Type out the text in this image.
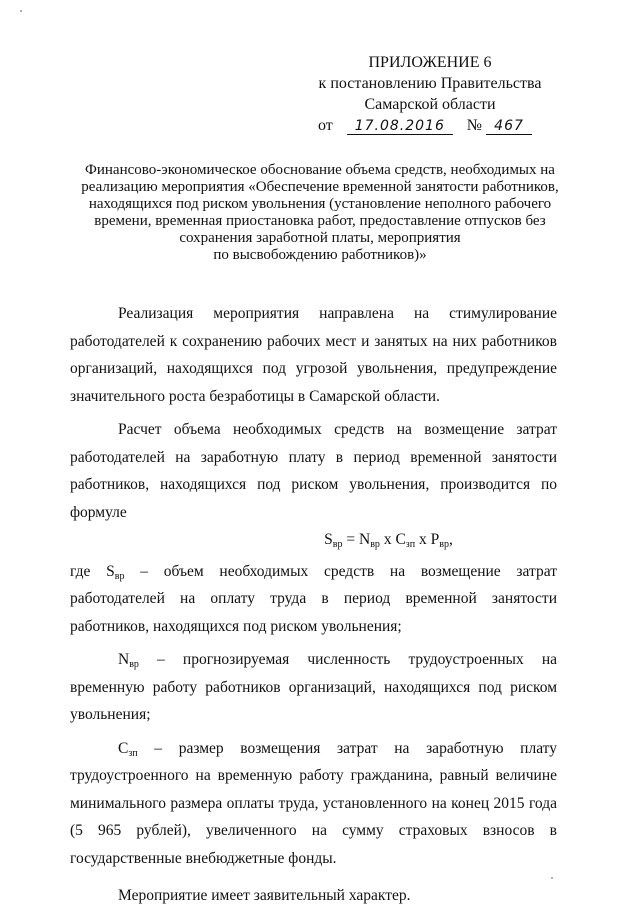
ПРИЛОЖЕНИЕ 6
к постановлению Правительства
Самарской области
от 17.08.2016 № 467
Финансово-экономическое обоснование объема средств, необходимых на
реализацию мероприятия «Обеспечение временной занятости работников,
находящихся под риском увольнения (установление неполного рабочего
времени, временная приостановка работ, предоставление отпусков без
сохранения заработной платы, мероприятия
по высвобождению работников)»

Реализация мероприятия направлена на стимулирование работодателей к сохранению рабочих мест и занятых на них работников организаций, находящихся под угрозой увольнения, предупреждение значительного роста безработицы в Самарской области.

Расчет объема необходимых средств на возмещение затрат работодателей на заработную плату в период временной занятости работников, находящихся под риском увольнения, производится по формуле

$S_{вр} = N_{вр}$ х $С_{зп}$ х $Р_{вр}$,

где $S_{вр}$ – объем необходимых средств на возмещение затрат работодателей на оплату труда в период временной занятости работников, находящихся под риском увольнения;

$N_{вр}$ – прогнозируемая численность трудоустроенных на временную работу работников организаций, находящихся под риском увольнения;

$С_{зп}$ – размер возмещения затрат на заработную плату трудоустроенного на временную работу гражданина, равный величине минимального размера оплаты труда, установленного на конец 2015 года (5 965 рублей), увеличенного на сумму страховых взносов в государственные внебюджетные фонды.

Мероприятие имеет заявительный характер.
